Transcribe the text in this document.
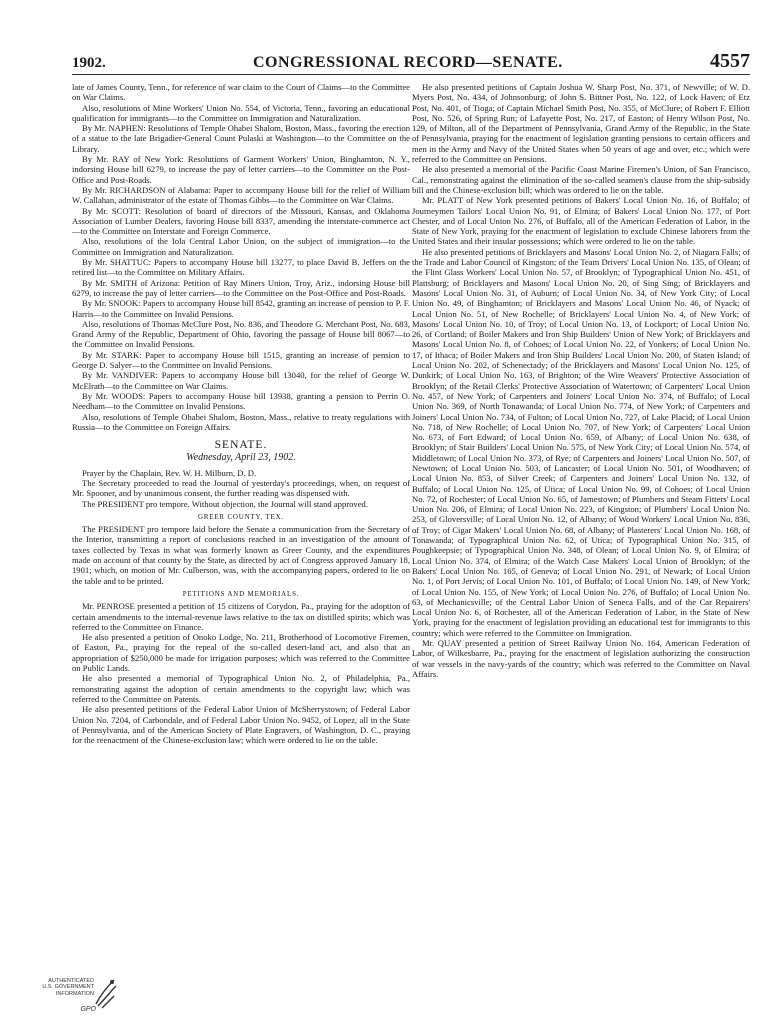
1902.	CONGRESSIONAL RECORD—SENATE.	4557

late of James County, Tenn., for reference of war claim to the Court of Claims—to the Committee on War Claims.

Also, resolutions of Mine Workers' Union No. 554, of Victoria, Tenn., favoring an educational qualification for immigrants—to the Committee on Immigration and Naturalization.

By Mr. NAPHEN: Resolutions of Temple Ohabei Shalom, Boston, Mass., favoring the erection of a statue to the late Brigadier-General Count Pulaski at Washington—to the Committee on the Library.

By Mr. RAY of New York: Resolutions of Garment Workers' Union, Binghamton, N. Y., indorsing House bill 6279, to increase the pay of letter carriers—to the Committee on the Post-Office and Post-Roads.

By Mr. RICHARDSON of Alabama: Paper to accompany House bill for the relief of William W. Callahan, administrator of the estate of Thomas Gibbs—to the Committee on War Claims.

By Mr. SCOTT: Resolution of board of directors of the Missouri, Kansas, and Oklahoma Association of Lumber Dealers, favoring House bill 8337, amending the interstate-commerce act—to the Committee on Interstate and Foreign Commerce.

Also, resolutions of the Iola Central Labor Union, on the subject of immigration—to the Committee on Immigration and Naturalization.

By Mr. SHATTUC: Papers to accompany House bill 13277, to place David B. Jeffers on the retired list—to the Committee on Military Affairs.

By Mr. SMITH of Arizona: Petition of Ray Miners Union, Troy, Ariz., indorsing House bill 6279, to increase the pay of letter carriers—to the Committee on the Post-Office and Post-Roads.

By Mr. SNOOK: Papers to accompany House bill 8542, granting an increase of pension to P. F. Harris—to the Committee on Invalid Pensions.

Also, resolutions of Thomas McClure Post, No. 836, and Theodore G. Merchant Post, No. 683, Grand Army of the Republic, Department of Ohio, favoring the passage of House bill 8067—to the Committee on Invalid Pensions.

By Mr. STARK: Paper to accompany House bill 1515, granting an increase of pension to George D. Salyer—to the Committee on Invalid Pensions.

By Mr. VANDIVER: Papers to accompany House bill 13040, for the relief of George W. McElrath—to the Committee on War Claims.

By Mr. WOODS: Papers to accompany House bill 13938, granting a pension to Perrin O. Needham—to the Committee on Invalid Pensions.

Also, resolutions of Temple Ohabei Shalom, Boston, Mass., relative to treaty regulations with Russia—to the Committee on Foreign Affairs.

SENATE.
Wednesday, April 23, 1902.

Prayer by the Chaplain, Rev. W. H. Milburn, D. D.

The Secretary proceeded to read the Journal of yesterday's proceedings, when, on request of Mr. Spooner, and by unanimous consent, the further reading was dispensed with.

The PRESIDENT pro tempore. Without objection, the Journal will stand approved.

GREER COUNTY, TEX.

The PRESIDENT pro tempore laid before the Senate a communication from the Secretary of the Interior, transmitting a report of conclusions reached in an investigation of the amount of taxes collected by Texas in what was formerly known as Greer County, and the expenditures made on account of that county by the State, as directed by act of Congress approved January 18, 1901; which, on motion of Mr. Culberson, was, with the accompanying papers, ordered to lie on the table and to be printed.

PETITIONS AND MEMORIALS.

Mr. PENROSE presented a petition of 15 citizens of Corydon, Pa., praying for the adoption of certain amendments to the internal-revenue laws relative to the tax on distilled spirits; which was referred to the Committee on Finance.

He also presented a petition of Onoko Lodge, No. 211, Brotherhood of Locomotive Firemen, of Easton, Pa., praying for the repeal of the so-called desert-land act, and also that an appropriation of $250,000 be made for irrigation purposes; which was referred to the Committee on Public Lands.

He also presented a memorial of Typographical Union No. 2, of Philadelphia, Pa., remonstrating against the adoption of certain amendments to the copyright law; which was referred to the Committee on Patents.

He also presented petitions of the Federal Labor Union of McSherrystown; of Federal Labor Union No. 7204, of Carbondale, and of Federal Labor Union No. 9452, of Lopez, all in the State of Pennsylvania, and of the American Society of Plate Engravers, of Washington, D. C., praying for the reenactment of the Chinese-exclusion law; which were ordered to lie on the table.

He also presented petitions of Captain Joshua W. Sharp Post, No. 371, of Newville; of W. D. Myers Post, No. 434, of Johnsonburg; of John S. Bittner Post, No. 122, of Lock Haven; of Etz Post, No. 401, of Tioga; of Captain Michael Smith Post, No. 355, of McClure; of Robert F. Elliott Post, No. 526, of Spring Run; of Lafayette Post, No. 217, of Easton; of Henry Wilson Post, No. 129, of Milton, all of the Department of Pennsylvania, Grand Army of the Republic, in the State of Pennsylvania, praying for the enactment of legislation granting pensions to certain officers and men in the Army and Navy of the United States when 50 years of age and over, etc.; which were referred to the Committee on Pensions.

He also presented a memorial of the Pacific Coast Marine Firemen's Union, of San Francisco, Cal., remonstrating against the elimination of the so-called seamen's clause from the ship-subsidy bill and the Chinese-exclusion bill; which was ordered to lie on the table.

Mr. PLATT of New York presented petitions of Bakers' Local Union No. 16, of Buffalo; of Journeymen Tailors' Local Union No. 91, of Elmira; of Bakers' Local Union No. 177, of Port Chester, and of Local Union No. 276, of Buffalo, all of the American Federation of Labor, in the State of New York, praying for the enactment of legislation to exclude Chinese laborers from the United States and their insular possessions; which were ordered to lie on the table.

He also presented petitions of Bricklayers and Masons' Local Union No. 2, of Niagara Falls; of the Trade and Labor Council of Kingston; of the Team Drivers' Local Union No. 135, of Olean; of the Flint Glass Workers' Local Union No. 57, of Brooklyn; of Typographical Union No. 451, of Plattsburg; of Bricklayers and Masons' Local Union No. 20, of Sing Sing; of Bricklayers and Masons' Local Union No. 31, of Auburn; of Local Union No. 34, of New York City; of Local Union No. 49, of Binghamton; of Bricklayers and Masons' Local Union No. 46, of Nyack; of Local Union No. 51, of New Rochelle; of Bricklayers' Local Union No. 4, of New York; of Masons' Local Union No. 10, of Troy; of Local Union No. 13, of Lockport; of Local Union No. 26, of Cortland; of Boiler Makers and Iron Ship Builders' Union of New York; of Bricklayers and Masons' Local Union No. 8, of Cohoes; of Local Union No. 22, of Yonkers; of Local Union No. 17, of Ithaca; of Boiler Makers and Iron Ship Builders' Local Union No. 200, of Staten Island; of Local Union No. 202, of Schenectady; of the Bricklayers and Masons' Local Union No. 125, of Dunkirk; of Local Union No. 163, of Brighton; of the Wire Weavers' Protective Association of Brooklyn; of the Retail Clerks' Protective Association of Watertown; of Carpenters' Local Union No. 457, of New York; of Carpenters and Joiners' Local Union No. 374, of Buffalo; of Local Union No. 369, of North Tonawanda; of Local Union No. 774, of New York; of Carpenters and Joiners' Local Union No. 734, of Fulton; of Local Union No. 727, of Lake Placid; of Local Union No. 718, of New Rochelle; of Local Union No. 707, of New York; of Carpenters' Local Union No. 673, of Fort Edward; of Local Union No. 659, of Albany; of Local Union No. 638, of Brooklyn; of Stair Builders' Local Union No. 575, of New York City; of Local Union No. 574, of Middletown; of Local Union No. 373, of Rye; of Carpenters and Joiners' Local Union No. 507, of Newtown; of Local Union No. 503, of Lancaster; of Local Union No. 501, of Woodhaven; of Local Union No. 853, of Silver Creek; of Carpenters and Joiners' Local Union No. 132, of Buffalo; of Local Union No. 125, of Utica; of Local Union No. 99, of Cohoes; of Local Union No. 72, of Rochester; of Local Union No. 65, of Jamestown; of Plumbers and Steam Fitters' Local Union No. 206, of Elmira; of Local Union No. 223, of Kingston; of Plumbers' Local Union No. 253, of Gloversville; of Local Union No. 12, of Albany; of Wood Workers' Local Union No. 836, of Troy; of Cigar Makers' Local Union No. 68, of Albany; of Plasterers' Local Union No. 168, of Tonawanda; of Typographical Union No. 62, of Utica; of Typographical Union No. 315, of Poughkeepsie; of Typographical Union No. 348, of Olean; of Local Union No. 9, of Elmira; of Local Union No. 374, of Elmira; of the Watch Case Makers' Local Union of Brooklyn; of the Bakers' Local Union No. 165, of Geneva; of Local Union No. 291, of Newark; of Local Union No. 1, of Port Jervis; of Local Union No. 101, of Buffalo; of Local Union No. 149, of New York; of Local Union No. 155, of New York; of Local Union No. 276, of Buffalo; of Local Union No. 63, of Mechanicsville; of the Central Labor Union of Seneca Falls, and of the Car Repairers' Local Union No. 6, of Rochester, all of the American Federation of Labor, in the State of New York, praying for the enactment of legislation providing an educational test for immigrants to this country; which were referred to the Committee on Immigration.

Mr. QUAY presented a petition of Street Railway Union No. 164, American Federation of Labor, of Wilkesbarre, Pa., praying for the enactment of legislation authorizing the construction of war vessels in the navy-yards of the country; which was referred to the Committee on Naval Affairs.

AUTHENTICATED
U.S. GOVERNMENT
INFORMATION
GPO
